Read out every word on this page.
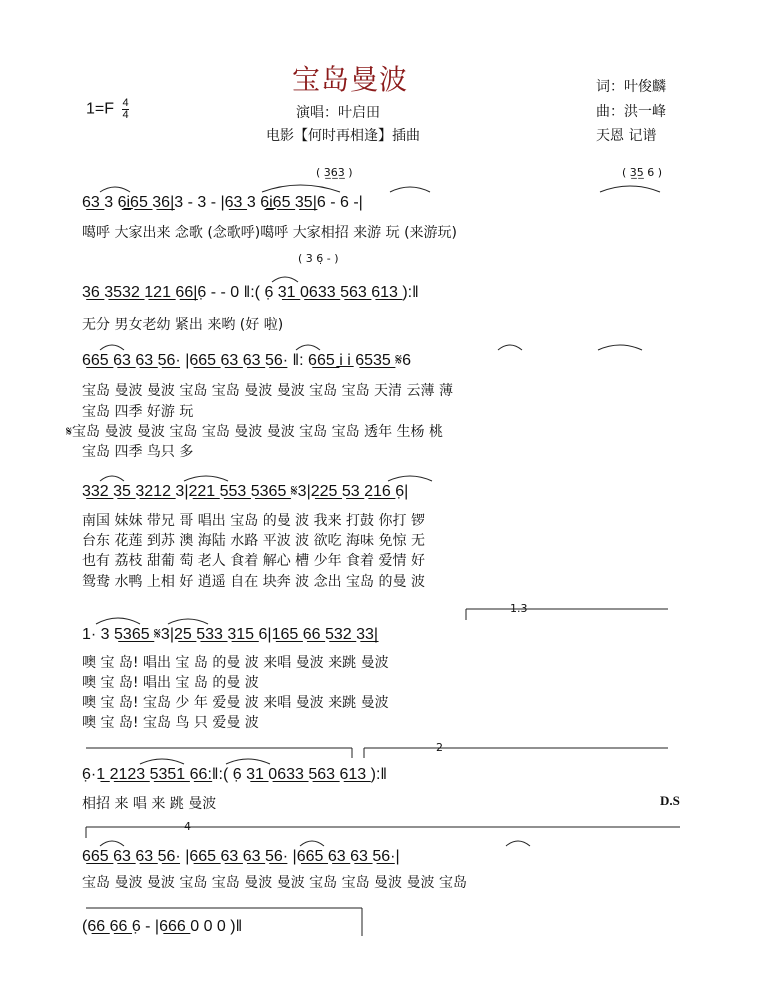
宝岛曼波
$1=F \frac{4}{4}$	演唱：叶启田
电影【何时再相逢】插曲
词：叶俊麟
曲：洪一峰
天恩 记谱
( 3̲6̲3̲ )	( 3̲5̲ 6 )
6̲3̲ 3 6̲i̲6̲5̲ 3̲6̲|3 - 3 - |6̲3̲ 3 6̲i̲6̲5̲ 3̲5̲|6 - 6 -|
噶呼 大家出来 念歌 (念歌呼)噶呼 大家相招 来游 玩 (来游玩)
( 3 6̣ - )
3̲6̲ 3̲5̲3̲2̲ 1̲2̲1̲ 6̲6̲|6̣ - - 0 ‖:( 6̣ 3̲1̲ 0̲6̲3̲3̲ 5̲6̲3̲ 6̲1̲3̲ ):‖
无分 男女老幼 紧出 来哟 (好 啦)
6̲6̲5̲ 6̲3̲ 6̲3̲ 5̲6̲· |6̲6̲5̲ 6̲3̲ 6̲3̲ 5̲6̲· ‖: 6̲6̲5̲ i̲ i̲ 6̲5̲3̲5̲ 𝄋6
宝岛 曼波 曼波 宝岛 宝岛 曼波 曼波 宝岛 宝岛 天清 云薄 薄
宝岛 四季 好游 玩
𝄋宝岛 曼波 曼波 宝岛 宝岛 曼波 曼波 宝岛 宝岛 透年 生杨 桃
宝岛 四季 鸟只 多
3̲3̲2̲ 3̲5̲ 3̲2̲1̲2̲ 3|2̲2̲1̲ 5̲5̲3̲ 5̲3̲6̲5̲ 𝄋3|2̲2̲5̲ 5̲3̲ 2̲1̲6̲ 6̣|
南国 妹妹 带兄 哥 唱出 宝岛 的曼 波 我来 打鼓 你打 锣
台东 花莲 到苏 澳 海陆 水路 平波 波 欲吃 海味 免惊 无
也有 荔枝 甜葡 萄 老人 食着 解心 槽 少年 食着 爱情 好
鸳鸯 水鸭 上相 好 逍遥 自在 块奔 波 念出 宝岛 的曼 波
1.3
1· 3 5̲3̲6̲5̲ 𝄋3|2̲5̲ 5̲3̲3̲ 3̲1̲5̲ 6|1̲6̲5̲ 6̲6̲ 5̲3̲2̲ 3̲3̲|
噢 宝 岛! 唱出 宝 岛 的曼 波 来唱 曼波 来跳 曼波
噢 宝 岛! 唱出 宝 岛 的曼 波
噢 宝 岛! 宝岛 少 年 爱曼 波 来唱 曼波 来跳 曼波
噢 宝 岛! 宝岛 鸟 只 爱曼 波
2
6̣·1̲ 2̲1̲2̲3̲ 5̲3̲5̲1̲ 6̲6̲:‖:( 6̣ 3̲1̲ 0̲6̲3̲3̲ 5̲6̲3̲ 6̲1̲3̲ ):‖
相招 来 唱 来 跳 曼波	D.S
4
6̲6̲5̲ 6̲3̲ 6̲3̲ 5̲6̲· |6̲6̲5̲ 6̲3̲ 6̲3̲ 5̲6̲· |6̲6̲5̲ 6̲3̲ 6̲3̲ 5̲6̲·|
宝岛 曼波 曼波 宝岛 宝岛 曼波 曼波 宝岛 宝岛 曼波 曼波 宝岛
(6̲6̲ 6̲6̲ 6̣ - |6̲6̲6̲ 0 0 0 )‖
